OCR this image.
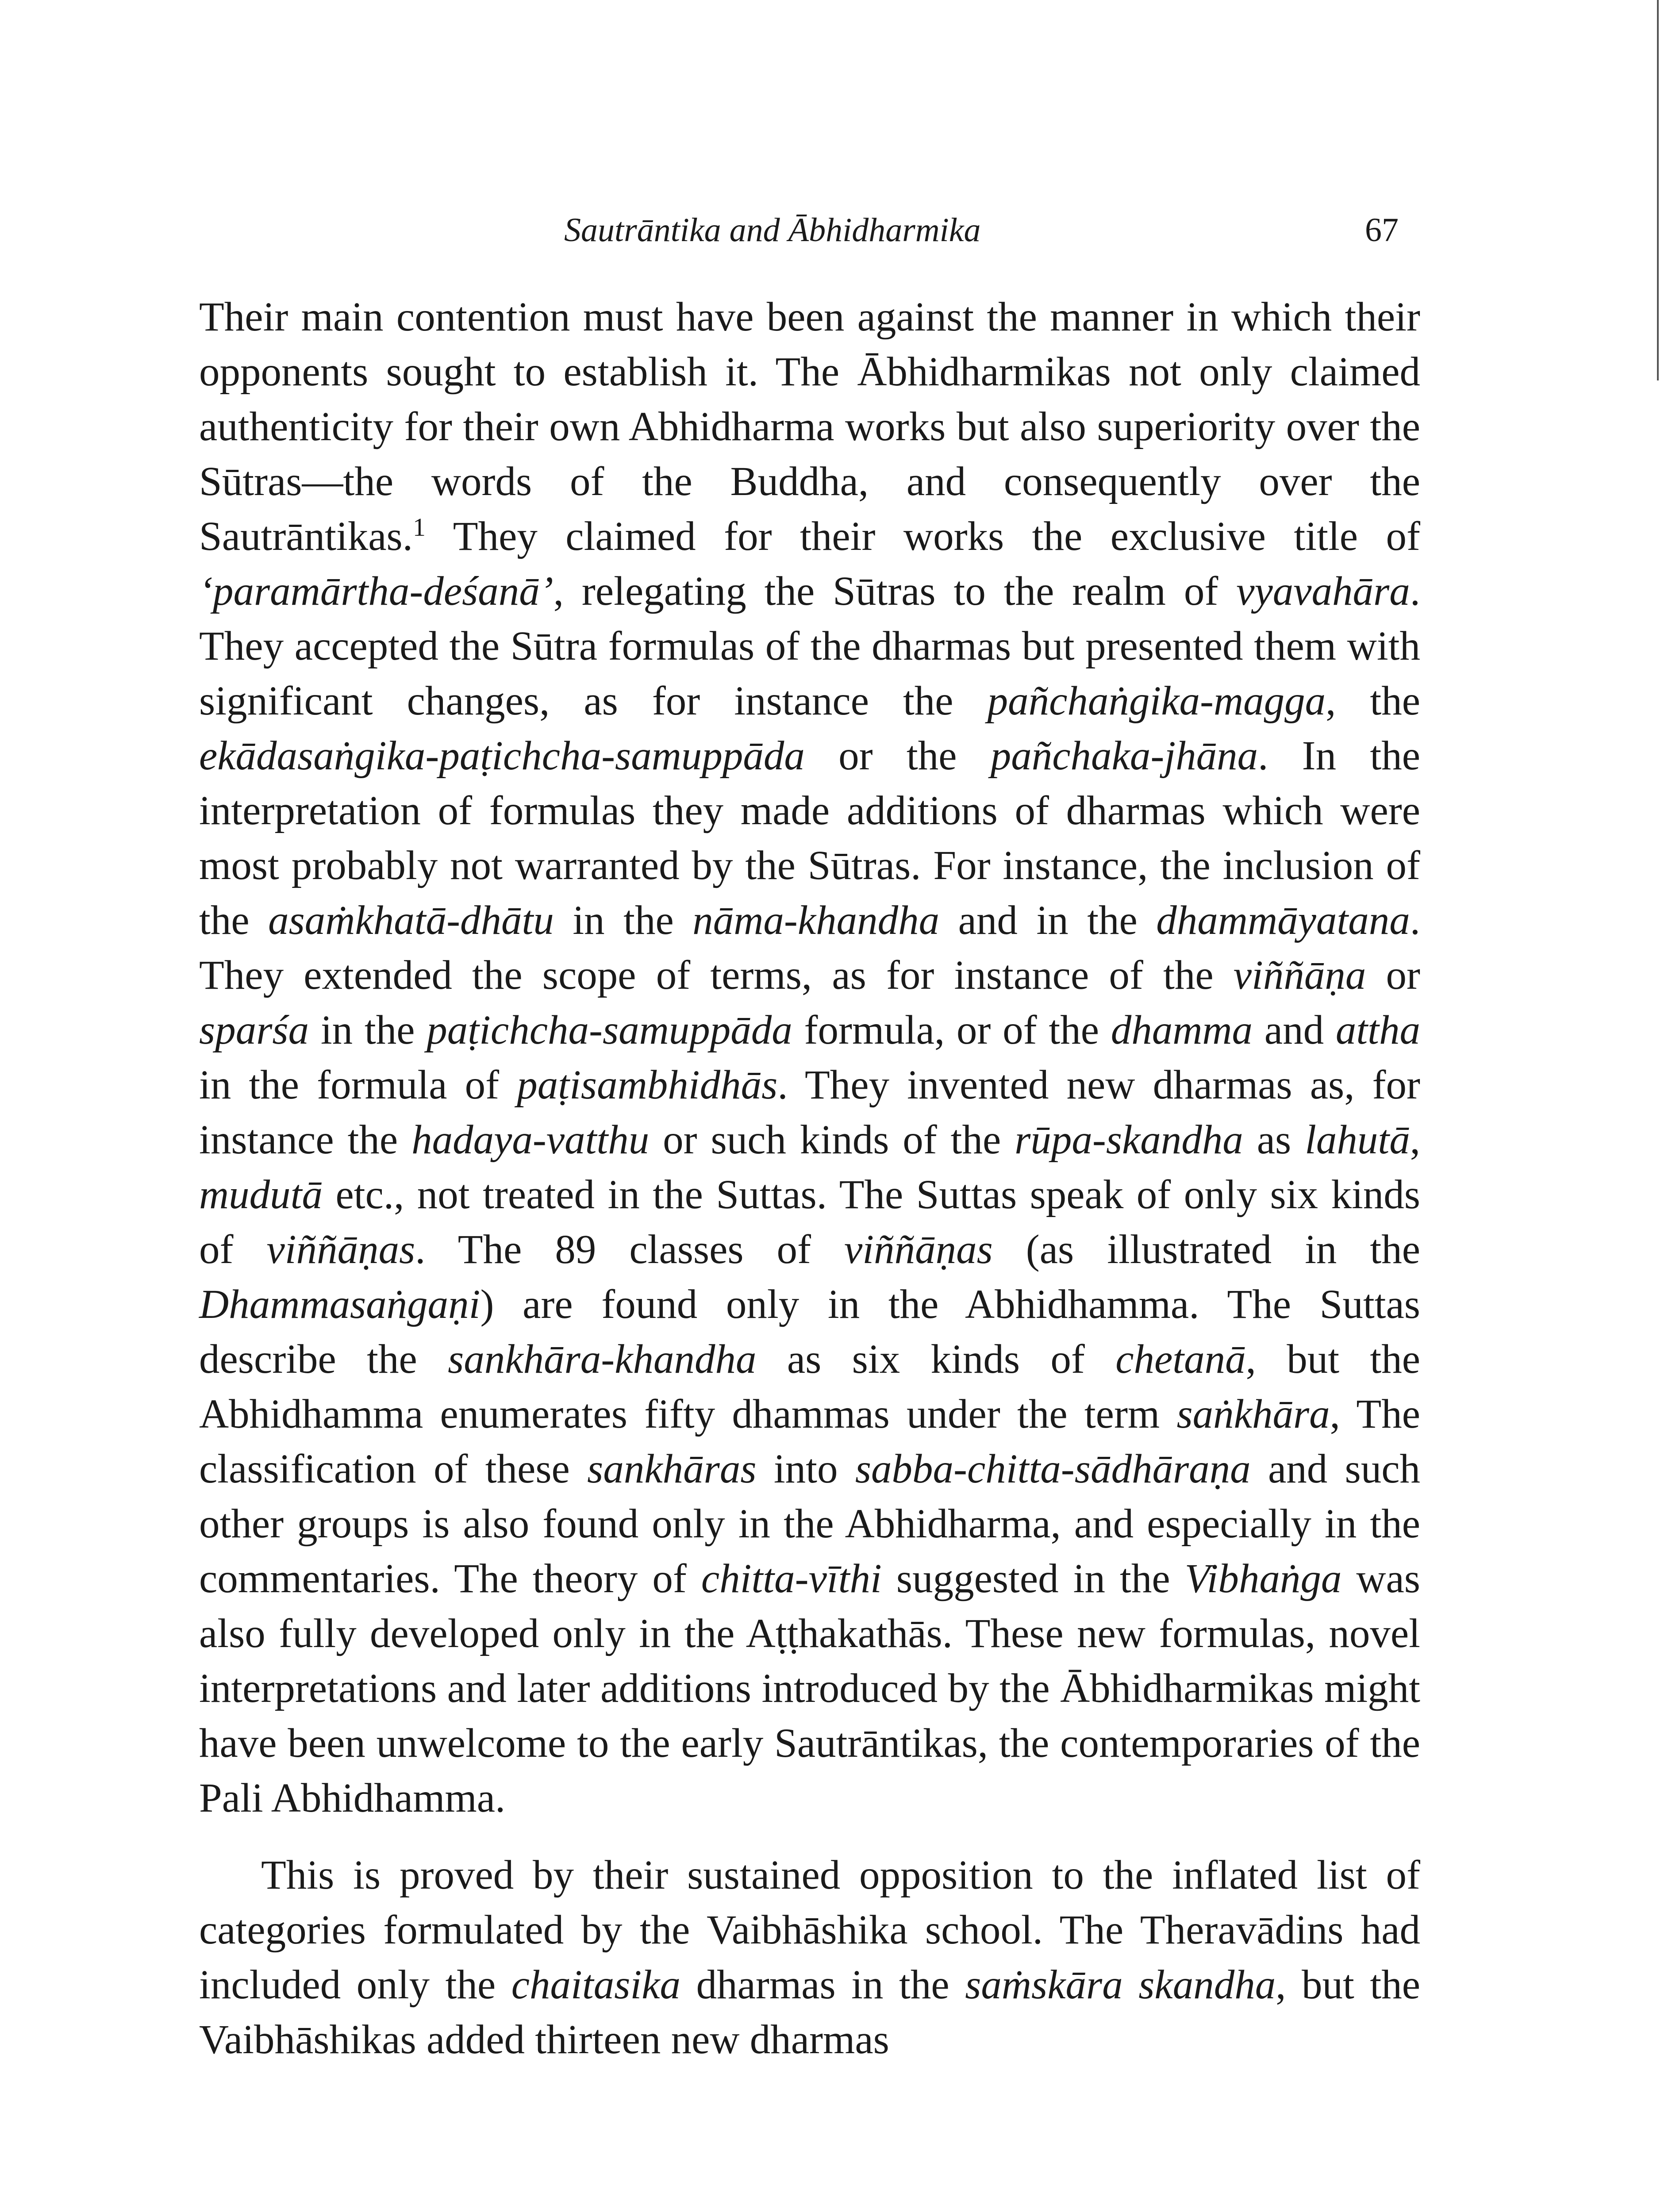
Sautrāntika and Ābhidharmika	67

Their main contention must have been against the manner in which their opponents sought to establish it. The Ābhidharmikas not only claimed authenticity for their own Abhidharma works but also superiority over the Sūtras—the words of the Buddha, and consequently over the Sautrāntikas.$^1$ They claimed for their works the exclusive title of ‘paramārtha-deśanā’, relegating the Sūtras to the realm of vyavahāra. They accepted the Sūtra formulas of the dharmas but presented them with significant changes, as for instance the pañchaṅgika-magga, the ekādasaṅgika-paṭichcha-samuppāda or the pañchaka-jhāna. In the interpretation of formulas they made additions of dharmas which were most probably not warranted by the Sūtras. For instance, the inclusion of the asaṁkhatā-dhātu in the nāma-khandha and in the dhammāyatana. They extended the scope of terms, as for instance of the viññāṇa or sparśa in the paṭichcha-samuppāda formula, or of the dhamma and attha in the formula of paṭisambhidhās. They invented new dharmas as, for instance the hadaya-vatthu or such kinds of the rūpa-skandha as lahutā, mudutā etc., not treated in the Suttas. The Suttas speak of only six kinds of viññāṇas. The 89 classes of viññāṇas (as illustrated in the Dhammasaṅgaṇi) are found only in the Abhidhamma. The Suttas describe the sankhāra-khandha as six kinds of chetanā, but the Abhidhamma enumerates fifty dhammas under the term saṅkhāra, The classification of these sankhāras into sabba-chitta-sādhāraṇa and such other groups is also found only in the Abhidharma, and especially in the commentaries. The theory of chitta-vīthi suggested in the Vibhaṅga was also fully developed only in the Aṭṭhakathās. These new formulas, novel interpretations and later additions introduced by the Ābhidharmikas might have been unwelcome to the early Sautrāntikas, the contemporaries of the Pali Abhidhamma.

This is proved by their sustained opposition to the inflated list of categories formulated by the Vaibhāshika school. The Theravādins had included only the chaitasika dharmas in the saṁskāra skandha, but the Vaibhāshikas added thirteen new dharmas
